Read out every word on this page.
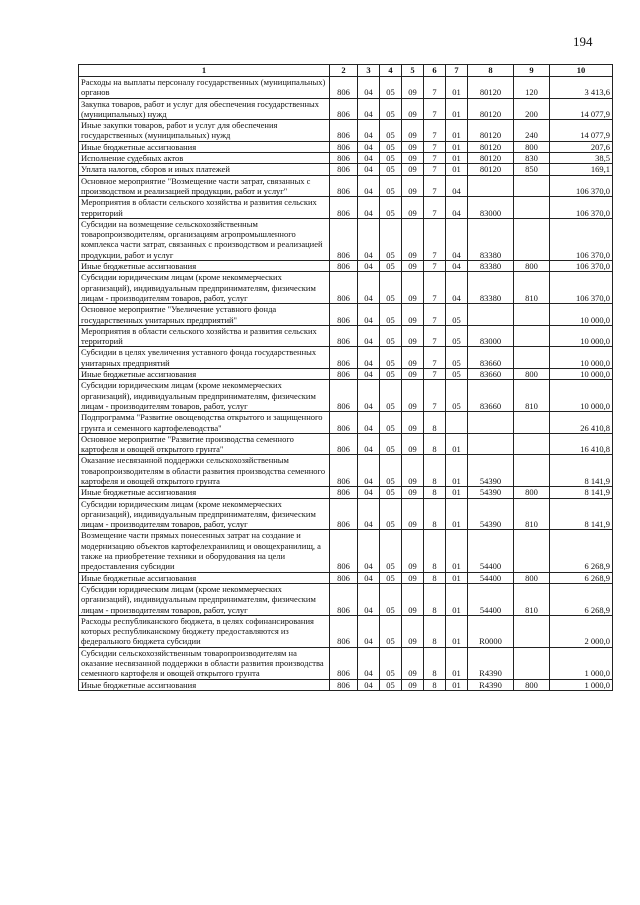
194
1	2	3	4	5	6	7	8	9	10
Расходы на выплаты персоналу государственных (муниципальных) органов	806	04	05	09	7	01	80120	120	3 413,6
Закупка товаров, работ и услуг для обеспечения государственных (муниципальных) нужд	806	04	05	09	7	01	80120	200	14 077,9
Иные закупки товаров, работ и услуг для обеспечения государственных (муниципальных) нужд	806	04	05	09	7	01	80120	240	14 077,9
Иные бюджетные ассигнования	806	04	05	09	7	01	80120	800	207,6
Исполнение судебных актов	806	04	05	09	7	01	80120	830	38,5
Уплата налогов, сборов и иных платежей	806	04	05	09	7	01	80120	850	169,1
Основное мероприятие "Возмещение части затрат, связанных с производством и реализацией продукции, работ и услуг"	806	04	05	09	7	04			106 370,0
Мероприятия в области сельского хозяйства и развития сельских территорий	806	04	05	09	7	04	83000		106 370,0
Субсидии на возмещение сельскохозяйственным товаропроизводителям, организациям агропромышленного комплекса части затрат, связанных с производством и реализацией продукции, работ и услуг	806	04	05	09	7	04	83380		106 370,0
Иные бюджетные ассигнования	806	04	05	09	7	04	83380	800	106 370,0
Субсидии юридическим лицам (кроме некоммерческих организаций), индивидуальным предпринимателям, физическим лицам - производителям товаров, работ, услуг	806	04	05	09	7	04	83380	810	106 370,0
Основное мероприятие "Увеличение уставного фонда государственных унитарных предприятий"	806	04	05	09	7	05			10 000,0
Мероприятия в области сельского хозяйства и развития сельских территорий	806	04	05	09	7	05	83000		10 000,0
Субсидии в целях увеличения уставного фонда государственных унитарных предприятий	806	04	05	09	7	05	83660		10 000,0
Иные бюджетные ассигнования	806	04	05	09	7	05	83660	800	10 000,0
Субсидии юридическим лицам (кроме некоммерческих организаций), индивидуальным предпринимателям, физическим лицам - производителям товаров, работ, услуг	806	04	05	09	7	05	83660	810	10 000,0
Подпрограмма "Развитие овощеводства открытого и защищенного грунта и семенного картофелеводства"	806	04	05	09	8				26 410,8
Основное мероприятие "Развитие производства семенного картофеля и овощей открытого грунта"	806	04	05	09	8	01			16 410,8
Оказание несвязанной поддержки сельскохозяйственным товаропроизводителям в области развития производства семенного картофеля и овощей открытого грунта	806	04	05	09	8	01	54390		8 141,9
Иные бюджетные ассигнования	806	04	05	09	8	01	54390	800	8 141,9
Субсидии юридическим лицам (кроме некоммерческих организаций), индивидуальным предпринимателям, физическим лицам - производителям товаров, работ, услуг	806	04	05	09	8	01	54390	810	8 141,9
Возмещение части прямых понесенных затрат на создание и модернизацию объектов картофелехранилищ и овощехранилищ, а также на приобретение техники и оборудования на цели предоставления субсидии	806	04	05	09	8	01	54400		6 268,9
Иные бюджетные ассигнования	806	04	05	09	8	01	54400	800	6 268,9
Субсидии юридическим лицам (кроме некоммерческих организаций), индивидуальным предпринимателям, физическим лицам - производителям товаров, работ, услуг	806	04	05	09	8	01	54400	810	6 268,9
Расходы республиканского бюджета, в целях софинансирования которых республиканскому бюджету предоставляются из федерального бюджета субсидии	806	04	05	09	8	01	R0000		2 000,0
Субсидии сельскохозяйственным товаропроизводителям на оказание несвязанной поддержки в области развития производства семенного картофеля и овощей открытого грунта	806	04	05	09	8	01	R4390		1 000,0
Иные бюджетные ассигнования	806	04	05	09	8	01	R4390	800	1 000,0
